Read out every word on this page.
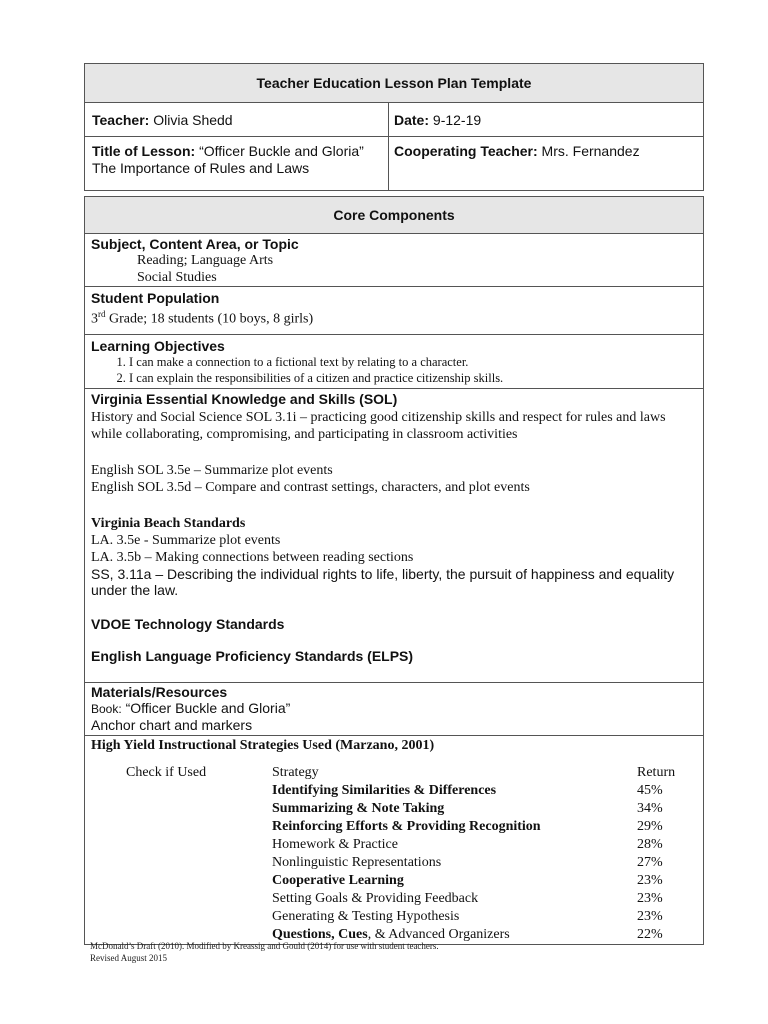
Teacher Education Lesson Plan Template	
Teacher: Olivia Shedd	Date: 9-12-19
Title of Lesson: “Officer Buckle and Gloria”
The Importance of Rules and Laws	Cooperating Teacher: Mrs. Fernandez
Core Components

Subject, Content Area, or Topic
Reading; Language Arts
Social Studies

Student Population
3rd Grade; 18 students (10 boys, 8 girls)

Learning Objectives
1. I can make a connection to a fictional text by relating to a character.
2. I can explain the responsibilities of a citizen and practice citizenship skills.

Virginia Essential Knowledge and Skills (SOL)
History and Social Science SOL 3.1i – practicing good citizenship skills and respect for rules and laws while collaborating, compromising, and participating in classroom activities
English SOL 3.5e – Summarize plot events
English SOL 3.5d – Compare and contrast settings, characters, and plot events
Virginia Beach Standards
LA. 3.5e - Summarize plot events
LA. 3.5b – Making connections between reading sections
SS, 3.11a – Describing the individual rights to life, liberty, the pursuit of happiness and equality under the law.
VDOE Technology Standards
English Language Proficiency Standards (ELPS)

Materials/Resources
Book: “Officer Buckle and Gloria”
Anchor chart and markers

High Yield Instructional Strategies Used (Marzano, 2001)
Check if Used	Strategy	Return
Identifying Similarities & Differences	45%
Summarizing & Note Taking	34%
Reinforcing Efforts & Providing Recognition	29%
Homework & Practice	28%
Nonlinguistic Representations	27%
Cooperative Learning	23%
Setting Goals & Providing Feedback	23%
Generating & Testing Hypothesis	23%
Questions, Cues, & Advanced Organizers	22%
McDonald’s Draft (2010). Modified by Kreassig and Gould (2014) for use with student teachers.
Revised August 2015
